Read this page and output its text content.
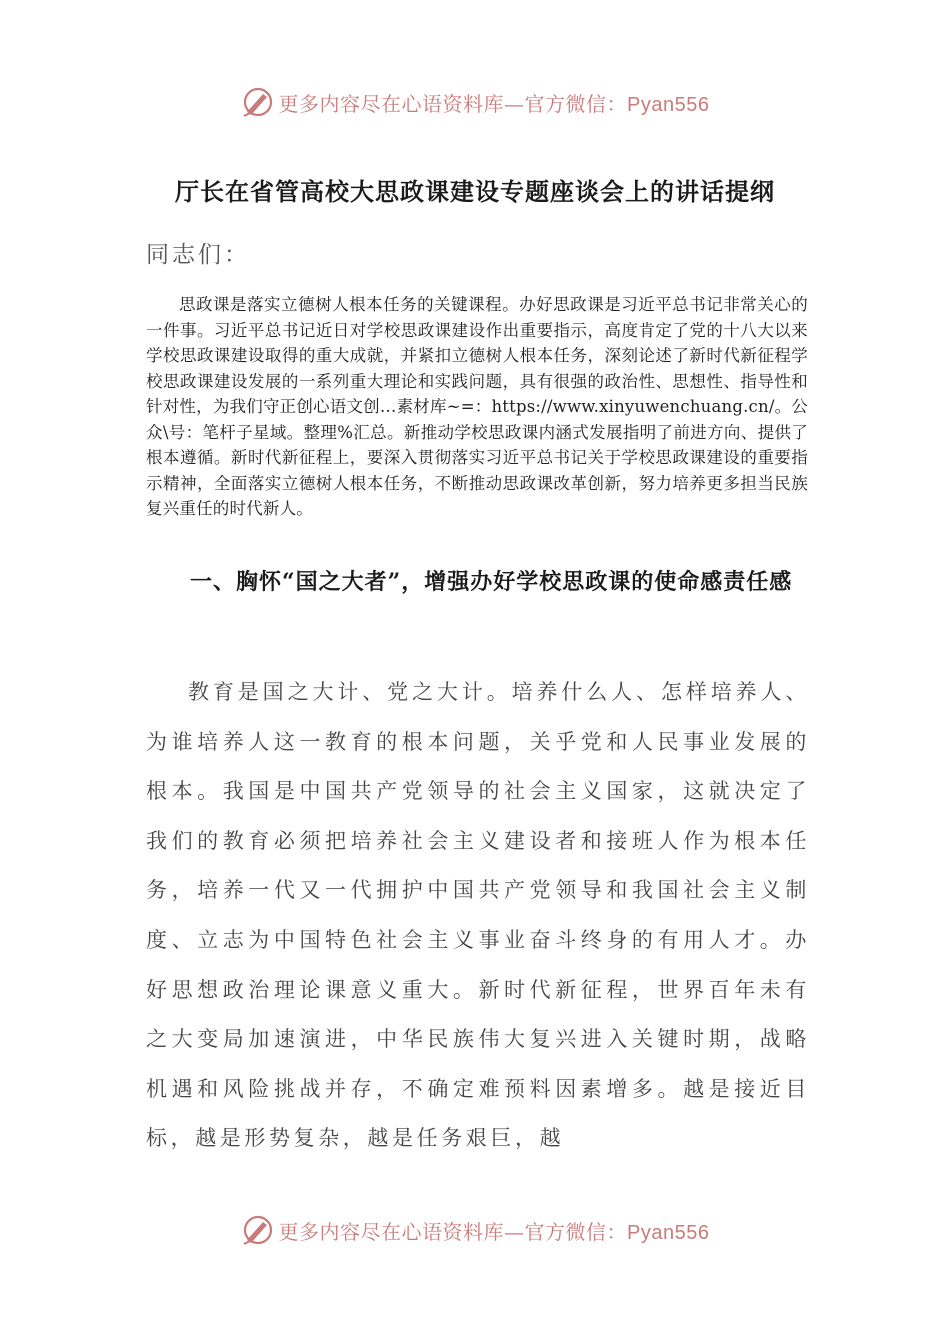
更多内容尽在心语资料库—官方微信：Pyan556
厅长在省管高校大思政课建设专题座谈会上的讲话提纲

同志们：

思政课是落实立德树人根本任务的关键课程。办好思政课是习近平总书记非常关心的一件事。习近平总书记近日对学校思政课建设作出重要指示，高度肯定了党的十八大以来学校思政课建设取得的重大成就，并紧扣立德树人根本任务，深刻论述了新时代新征程学校思政课建设发展的一系列重大理论和实践问题，具有很强的政治性、思想性、指导性和针对性，为我们守正创心语文创…素材库~=：https://www.xinyuwenchuang.cn/。公众\号：笔杆子星域。整理%汇总。新推动学校思政课内涵式发展指明了前进方向、提供了根本遵循。新时代新征程上，要深入贯彻落实习近平总书记关于学校思政课建设的重要指示精神，全面落实立德树人根本任务，不断推动思政课改革创新，努力培养更多担当民族复兴重任的时代新人。

一、胸怀“国之大者”，增强办好学校思政课的使命感责任感

教育是国之大计、党之大计。培养什么人、怎样培养人、为谁培养人这一教育的根本问题，关乎党和人民事业发展的根本。我国是中国共产党领导的社会主义国家，这就决定了我们的教育必须把培养社会主义建设者和接班人作为根本任务，培养一代又一代拥护中国共产党领导和我国社会主义制度、立志为中国特色社会主义事业奋斗终身的有用人才。办好思想政治理论课意义重大。新时代新征程，世界百年未有之大变局加速演进，中华民族伟大复兴进入关键时期，战略机遇和风险挑战并存，不确定难预料因素增多。越是接近目标，越是形势复杂，越是任务艰巨，越

更多内容尽在心语资料库—官方微信：Pyan556
